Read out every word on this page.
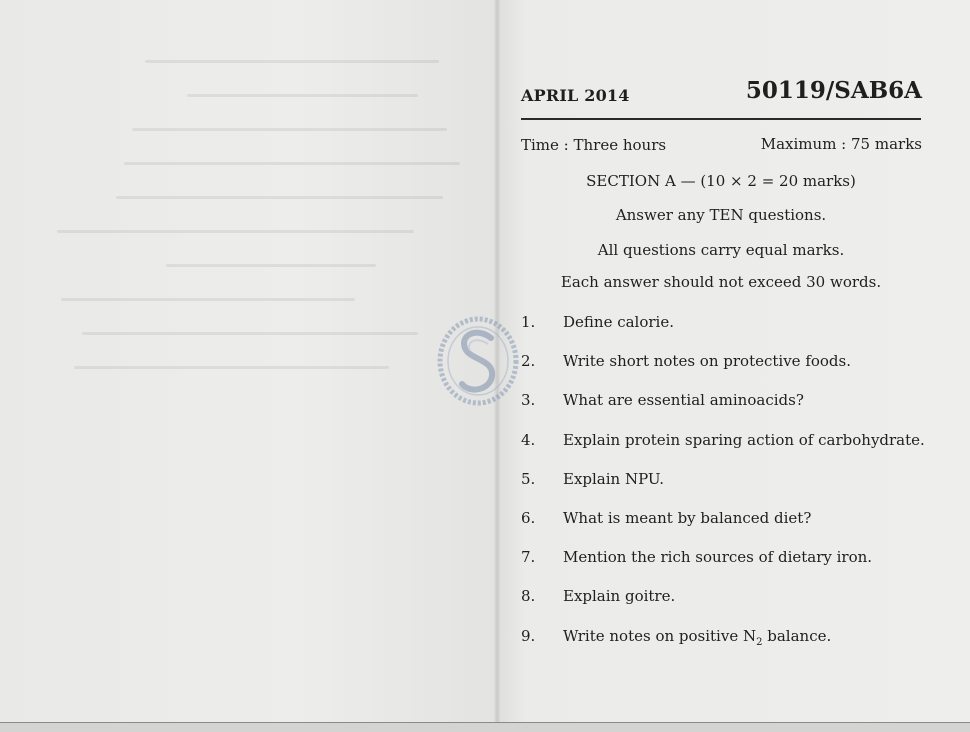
APRIL 2014	50119/SAB6A
Time : Three hours	Maximum : 75 marks
SECTION A — (10 × 2 = 20 marks)
Answer any TEN questions.
All questions carry equal marks.
Each answer should not exceed 30 words.
1.	Define calorie.
2.	Write short notes on protective foods.
3.	What are essential aminoacids?
4.	Explain protein sparing action of carbohydrate.
5.	Explain NPU.
6.	What is meant by balanced diet?
7.	Mention the rich sources of dietary iron.
8.	Explain goitre.
9.	Write notes on positive $N_2$ balance.
